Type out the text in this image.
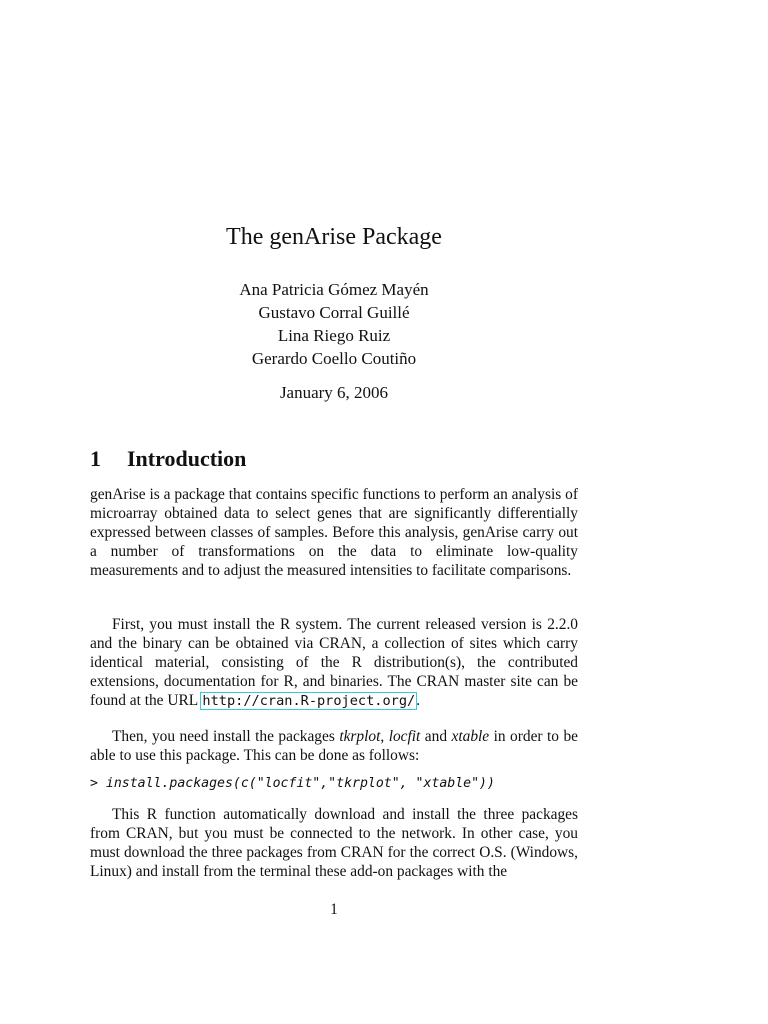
The genArise Package
Ana Patricia Gómez Mayén
Gustavo Corral Guillé
Lina Riego Ruiz
Gerardo Coello Coutiño
January 6, 2006
1 Introduction

genArise is a package that contains specific functions to perform an analysis of microarray obtained data to select genes that are significantly differentially expressed between classes of samples. Before this analysis, genArise carry out a number of transformations on the data to eliminate low-quality measurements and to adjust the measured intensities to facilitate comparisons.

First, you must install the R system. The current released version is 2.2.0 and the binary can be obtained via CRAN, a collection of sites which carry identical material, consisting of the R distribution(s), the contributed extensions, documentation for R, and binaries. The CRAN master site can be found at the URL http://cran.R-project.org/.

Then, you need install the packages tkrplot, locfit and xtable in order to be able to use this package. This can be done as follows:

> install.packages(c("locfit","tkrplot", "xtable"))

This R function automatically download and install the three packages from CRAN, but you must be connected to the network. In other case, you must download the three packages from CRAN for the correct O.S. (Windows, Linux) and install from the terminal these add-on packages with the

1
